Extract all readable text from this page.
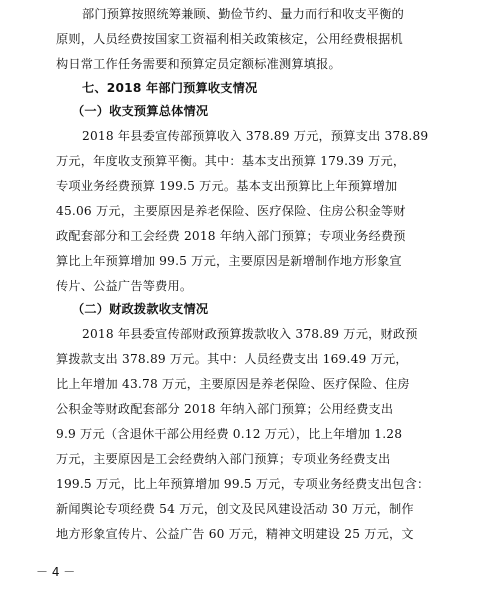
部门预算按照统筹兼顾、勤俭节约、量力而行和收支平衡的
原则，人员经费按国家工资福利相关政策核定，公用经费根据机
构日常工作任务需要和预算定员定额标准测算填报。
七、2018 年部门预算收支情况
（一）收支预算总体情况
2018 年县委宣传部预算收入 378.89 万元，预算支出 378.89
万元，年度收支预算平衡。其中：基本支出预算 179.39 万元，
专项业务经费预算 199.5 万元。基本支出预算比上年预算增加
45.06 万元，主要原因是养老保险、医疗保险、住房公积金等财
政配套部分和工会经费 2018 年纳入部门预算；专项业务经费预
算比上年预算增加 99.5 万元，主要原因是新增制作地方形象宣
传片、公益广告等费用。
（二）财政拨款收支情况
2018 年县委宣传部财政预算拨款收入 378.89 万元，财政预
算拨款支出 378.89 万元。其中：人员经费支出 169.49 万元，
比上年增加 43.78 万元，主要原因是养老保险、医疗保险、住房
公积金等财政配套部分 2018 年纳入部门预算；公用经费支出
9.9 万元（含退休干部公用经费 0.12 万元），比上年增加 1.28
万元，主要原因是工会经费纳入部门预算；专项业务经费支出
199.5 万元，比上年预算增加 99.5 万元，专项业务经费支出包含：
新闻舆论专项经费 54 万元，创文及民风建设活动 30 万元，制作
地方形象宣传片、公益广告 60 万元，精神文明建设 25 万元，文
－ 4 －
